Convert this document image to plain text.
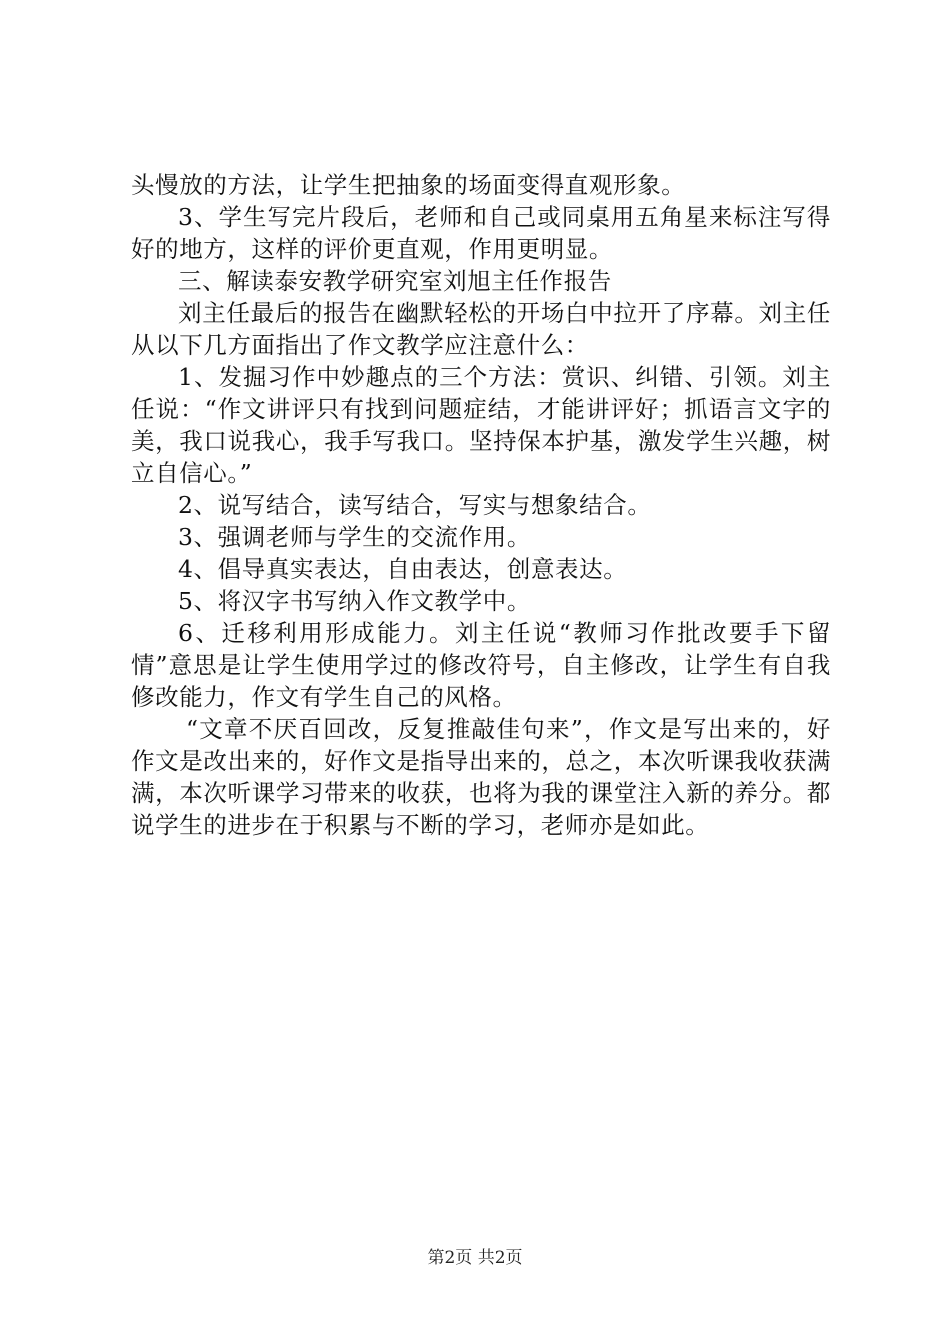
头慢放的方法，让学生把抽象的场面变得直观形象。

3、学生写完片段后，老师和自己或同桌用五角星来标注写得好的地方，这样的评价更直观，作用更明显。

三、解读泰安教学研究室刘旭主任作报告

刘主任最后的报告在幽默轻松的开场白中拉开了序幕。刘主任从以下几方面指出了作文教学应注意什么：

1、发掘习作中妙趣点的三个方法：赏识、纠错、引领。刘主任说：“作文讲评只有找到问题症结，才能讲评好；抓语言文字的美，我口说我心，我手写我口。坚持保本护基，激发学生兴趣，树立自信心。”

2、说写结合，读写结合，写实与想象结合。

3、强调老师与学生的交流作用。

4、倡导真实表达，自由表达，创意表达。

5、将汉字书写纳入作文教学中。

6、迁移利用形成能力。刘主任说“教师习作批改要手下留情”意思是让学生使用学过的修改符号，自主修改，让学生有自我修改能力，作文有学生自己的风格。

“文章不厌百回改，反复推敲佳句来”，作文是写出来的，好作文是改出来的，好作文是指导出来的，总之，本次听课我收获满满，本次听课学习带来的收获，也将为我的课堂注入新的养分。都说学生的进步在于积累与不断的学习，老师亦是如此。

第2页 共2页
